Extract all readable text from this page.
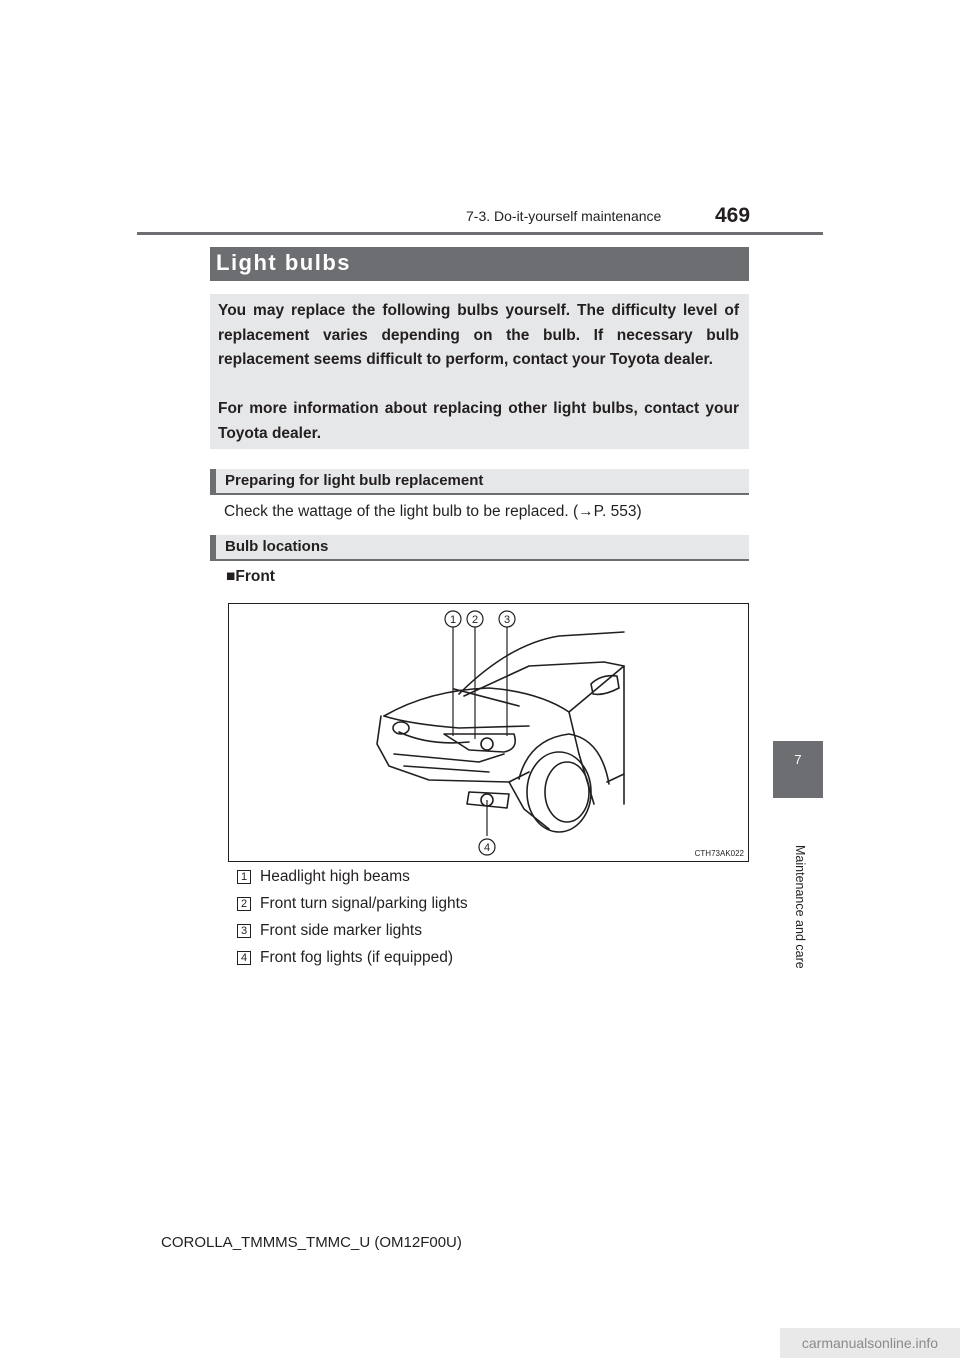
469
7-3. Do-it-yourself maintenance
Light bulbs

You may replace the following bulbs yourself. The difficulty level of replacement varies depending on the bulb. If necessary bulb replacement seems difficult to perform, contact your Toyota dealer.

For more information about replacing other light bulbs, contact your Toyota dealer.

Preparing for light bulb replacement
Check the wattage of the light bulb to be replaced. (→P. 553)
Bulb locations
■Front
1 2 3
4	CTH73AK022
1 Headlight high beams
2 Front turn signal/parking lights
3 Front side marker lights
4 Front fog lights (if equipped)
7
Maintenance and care
COROLLA_TMMMS_TMMC_U (OM12F00U)
carmanualsonline.info
